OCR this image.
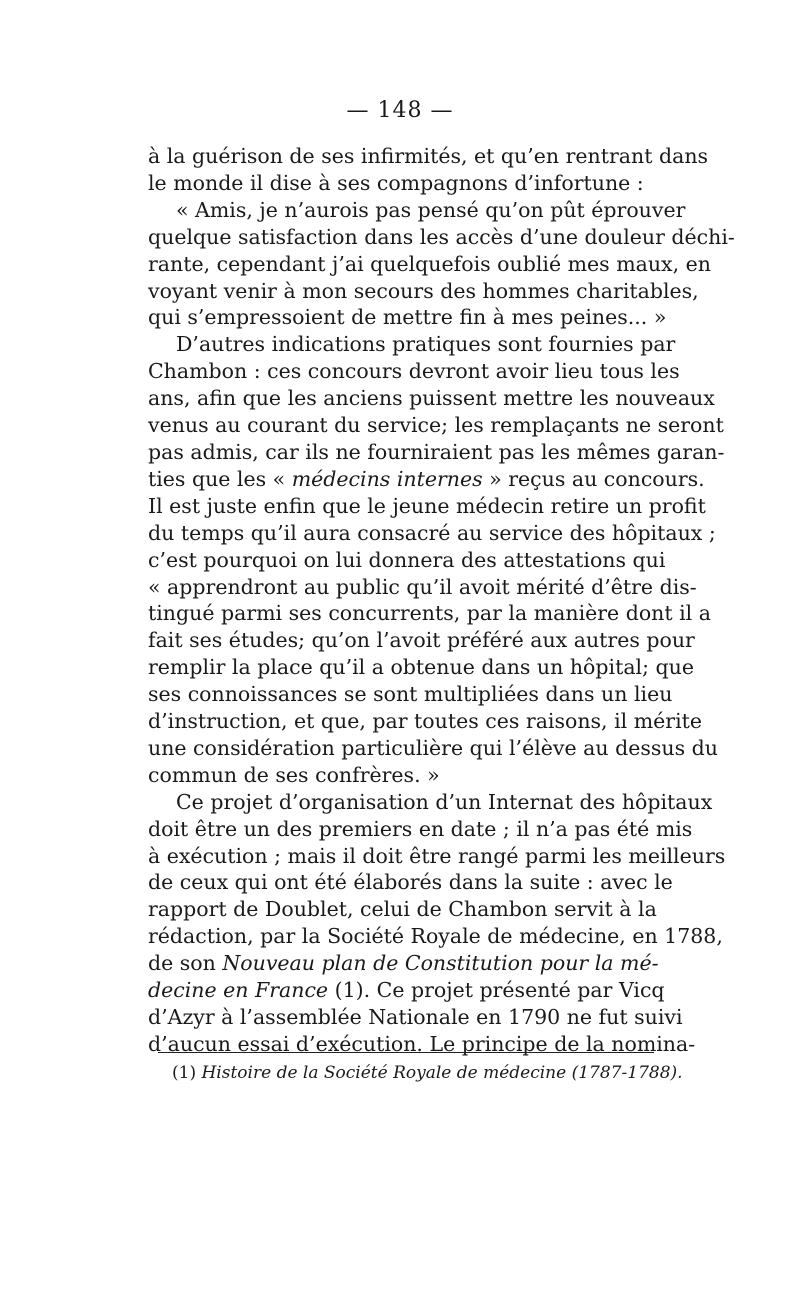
— 148 —
à la guérison de ses infirmités, et qu’en rentrant dans
le monde il dise à ses compagnons d’infortune :
« Amis, je n’aurois pas pensé qu’on pût éprouver
quelque satisfaction dans les accès d’une douleur déchi-
rante, cependant j’ai quelquefois oublié mes maux, en
voyant venir à mon secours des hommes charitables,
qui s’empressoient de mettre fin à mes peines... »
D’autres indications pratiques sont fournies par
Chambon : ces concours devront avoir lieu tous les
ans, afin que les anciens puissent mettre les nouveaux
venus au courant du service; les remplaçants ne seront
pas admis, car ils ne fourniraient pas les mêmes garan-
ties que les « médecins internes » reçus au concours.
Il est juste enfin que le jeune médecin retire un profit
du temps qu’il aura consacré au service des hôpitaux ;
c’est pourquoi on lui donnera des attestations qui
« apprendront au public qu’il avoit mérité d’être dis-
tingué parmi ses concurrents, par la manière dont il a
fait ses études; qu’on l’avoit préféré aux autres pour
remplir la place qu’il a obtenue dans un hôpital; que
ses connoissances se sont multipliées dans un lieu
d’instruction, et que, par toutes ces raisons, il mérite
une considération particulière qui l’élève au dessus du
commun de ses confrères. »
Ce projet d’organisation d’un Internat des hôpitaux
doit être un des premiers en date ; il n’a pas été mis
à exécution ; mais il doit être rangé parmi les meilleurs
de ceux qui ont été élaborés dans la suite : avec le
rapport de Doublet, celui de Chambon servit à la
rédaction, par la Société Royale de médecine, en 1788,
de son Nouveau plan de Constitution pour la mé-
decine en France (1). Ce projet présenté par Vicq
d’Azyr à l’assemblée Nationale en 1790 ne fut suivi
d’aucun essai d’exécution. Le principe de la nomina-
(1) Histoire de la Société Royale de médecine (1787-1788).
